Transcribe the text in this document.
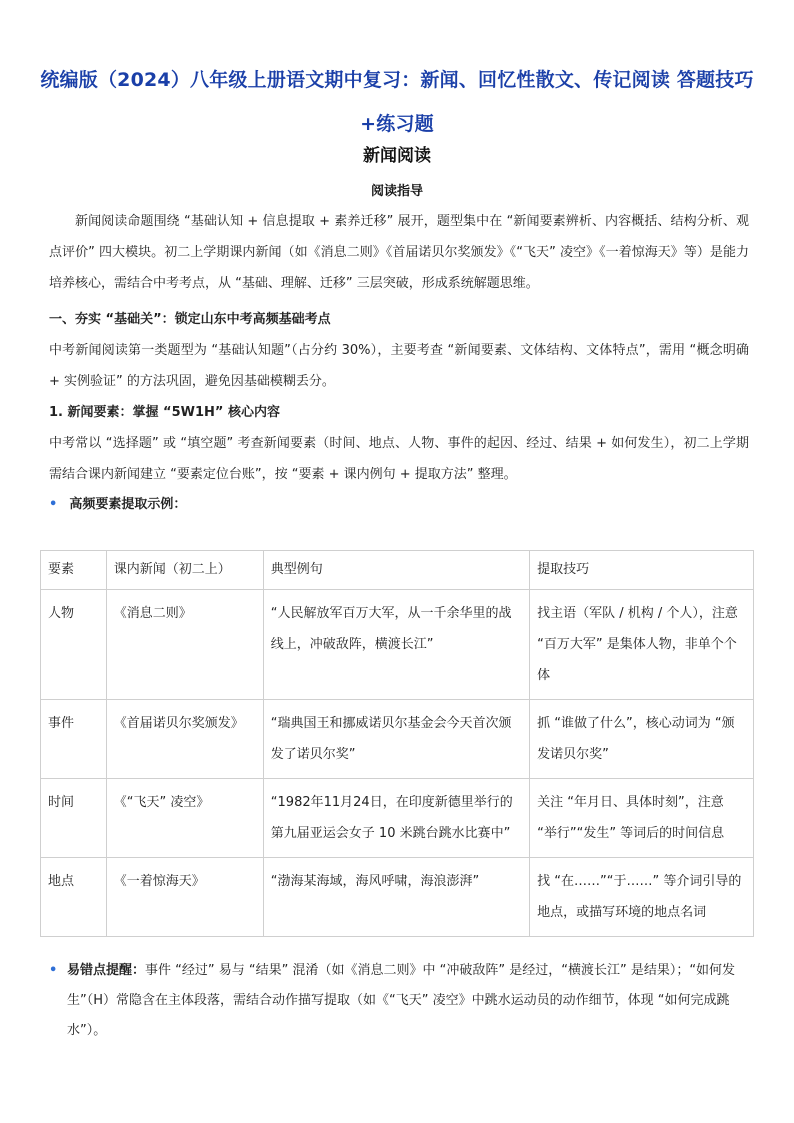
统编版（2024）八年级上册语文期中复习：新闻、回忆性散文、传记阅读 答题技巧+练习题
新闻阅读
阅读指导

新闻阅读命题围绕 “基础认知 + 信息提取 + 素养迁移” 展开，题型集中在 “新闻要素辨析、内容概括、结构分析、观点评价” 四大模块。初二上学期课内新闻（如《消息二则》《首届诺贝尔奖颁发》《“飞天” 凌空》《一着惊海天》等）是能力培养核心，需结合中考考点，从 “基础、理解、迁移” 三层突破，形成系统解题思维。

一、夯实 “基础关”：锁定山东中考高频基础考点

中考新闻阅读第一类题型为 “基础认知题”（占分约 30%），主要考查 “新闻要素、文体结构、文体特点”，需用 “概念明确 + 实例验证” 的方法巩固，避免因基础模糊丢分。

1. 新闻要素：掌握 “5W1H” 核心内容

中考常以 “选择题” 或 “填空题” 考查新闻要素（时间、地点、人物、事件的起因、经过、结果 + 如何发生），初二上学期需结合课内新闻建立 “要素定位台账”，按 “要素 + 课内例句 + 提取方法” 整理。

• 高频要素提取示例：
要素	课内新闻（初二上）	典型例句	提取技巧
人物	《消息二则》	“人民解放军百万大军，从一千余华里的战线上，冲破敌阵，横渡长江”	找主语（军队 / 机构 / 个人），注意 “百万大军” 是集体人物，非单个个体
事件	《首届诺贝尔奖颁发》	“瑞典国王和挪威诺贝尔基金会今天首次颁发了诺贝尔奖”	抓 “谁做了什么”，核心动词为 “颁发诺贝尔奖”
时间	《“飞天” 凌空》	“1982年11月24日，在印度新德里举行的第九届亚运会女子 10 米跳台跳水比赛中”	关注 “年月日、具体时刻”，注意 “举行”“发生” 等词后的时间信息
地点	《一着惊海天》	“渤海某海域，海风呼啸，海浪澎湃”	找 “在……”“于……” 等介词引导的地点，或描写环境的地点名词
• 易错点提醒：事件 “经过” 易与 “结果” 混淆（如《消息二则》中 “冲破敌阵” 是经过，“横渡长江” 是结果）；“如何发生”（H）常隐含在主体段落，需结合动作描写提取（如《“飞天” 凌空》中跳水运动员的动作细节，体现 “如何完成跳水”）。
